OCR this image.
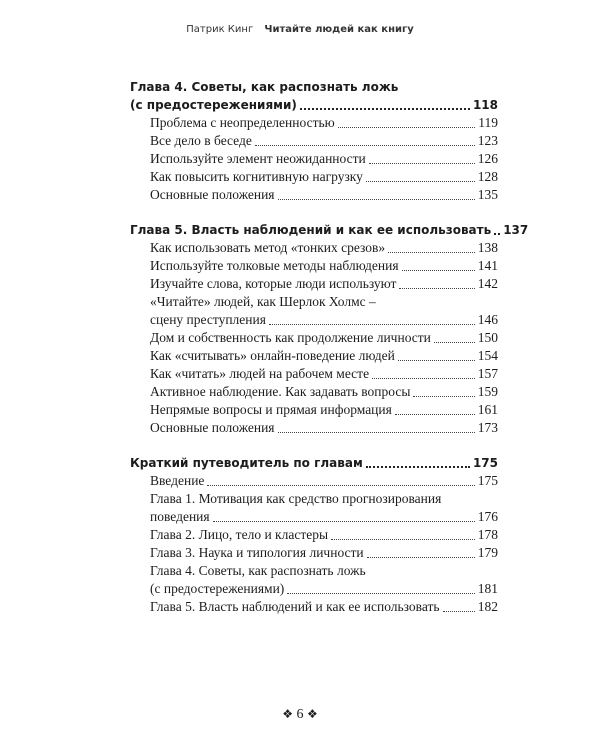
Патрик Кинг Читайте людей как книгу
Глава 4. Советы, как распознать ложь
(с предостережениями)	118
Проблема с неопределенностью	119
Все дело в беседе	123
Используйте элемент неожиданности	126
Как повысить когнитивную нагрузку	128
Основные положения	135
Глава 5. Власть наблюдений и как ее использовать 137
Как использовать метод «тонких срезов»	138
Используйте толковые методы наблюдения	141
Изучайте слова, которые люди используют	142
«Читайте» людей, как Шерлок Холмс –
сцену преступления	146
Дом и собственность как продолжение личности	150
Как «считывать» онлайн-поведение людей	154
Как «читать» людей на рабочем месте	157
Активное наблюдение. Как задавать вопросы	159
Непрямые вопросы и прямая информация	161
Основные положения	173
Краткий путеводитель по главам	175
Введение	175
Глава 1. Мотивация как средство прогнозирования
поведения	176
Глава 2. Лицо, тело и кластеры	178
Глава 3. Наука и типология личности	179
Глава 4. Советы, как распознать ложь
(с предостережениями)	181
Глава 5. Власть наблюдений и как ее использовать	182
❖ 6 ❖
